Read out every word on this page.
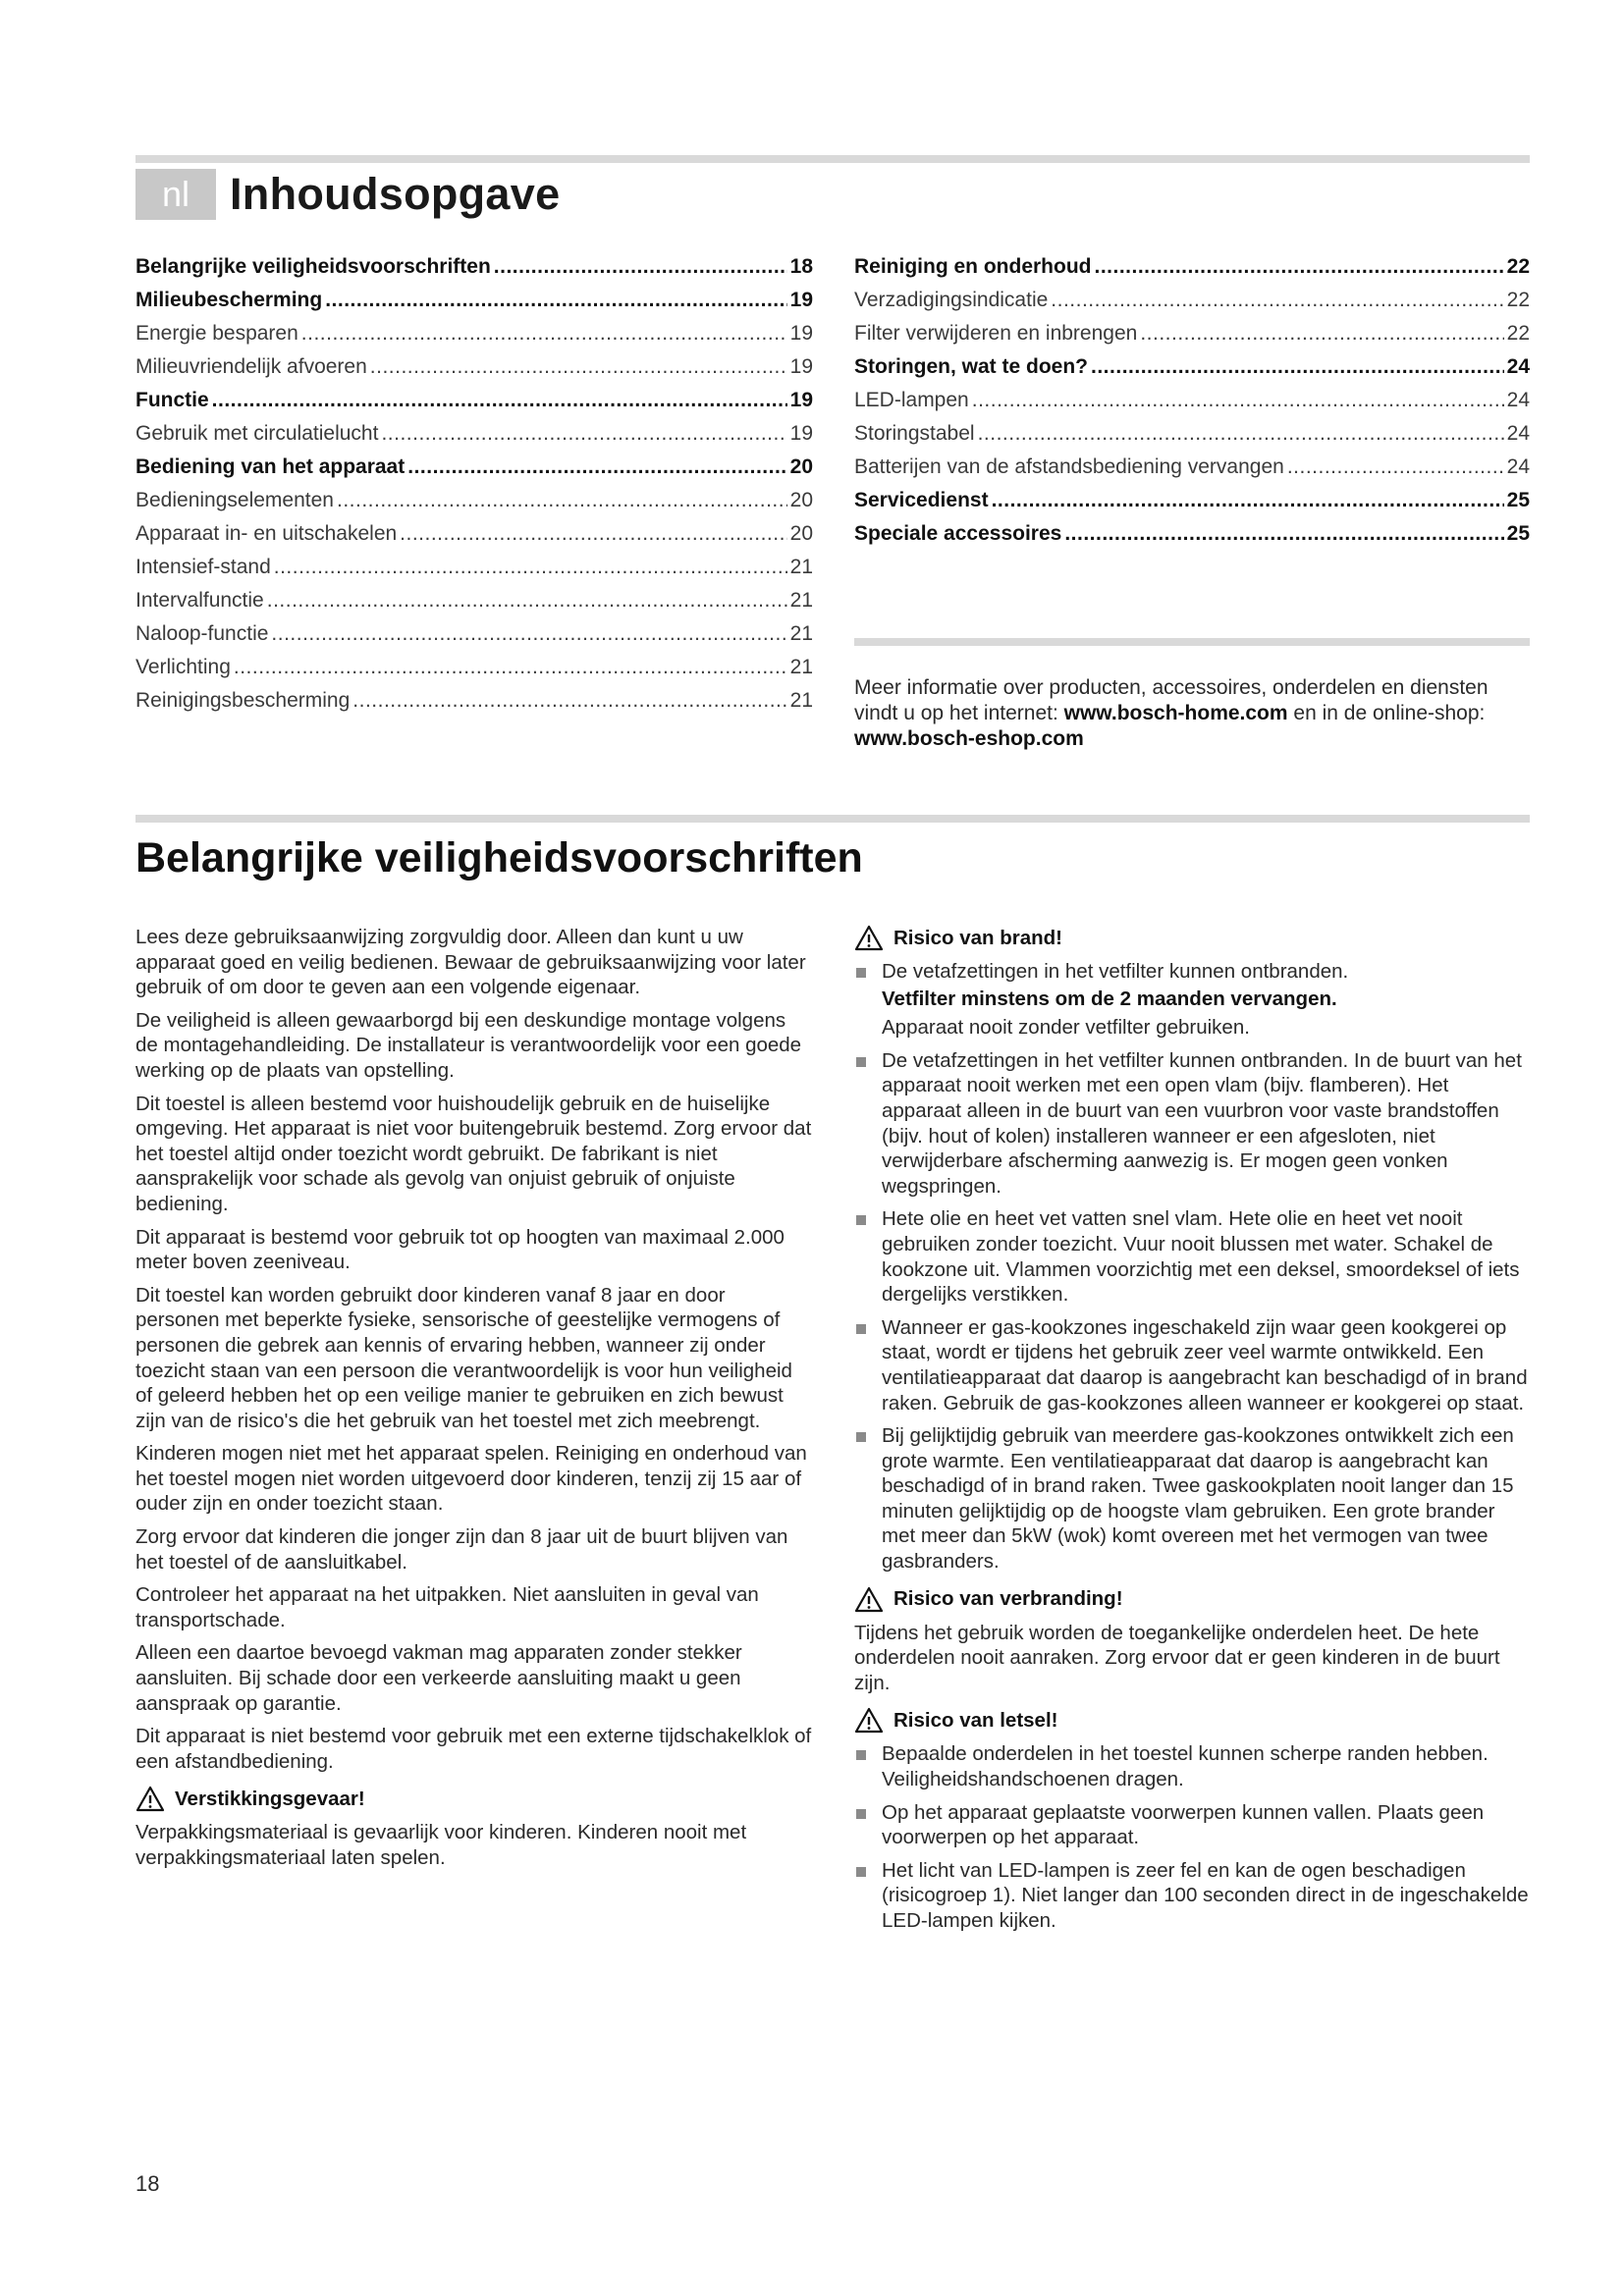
nl Inhoudsopgave
Belangrijke veiligheidsvoorschriften .....	18
Milieubescherming .....	19
Energie besparen .....	19
Milieuvriendelijk afvoeren .....	19
Functie .....	19
Gebruik met circulatielucht .....	19
Bediening van het apparaat .....	20
Bedieningselementen .....	20
Apparaat in- en uitschakelen .....	20
Intensief-stand .....	21
Intervalfunctie .....	21
Naloop-functie .....	21
Verlichting .....	21
Reinigingsbescherming .....	21
Reiniging en onderhoud .....	22
Verzadigingsindicatie .....	22
Filter verwijderen en inbrengen .....	22
Storingen, wat te doen? .....	24
LED-lampen .....	24
Storingstabel .....	24
Batterijen van de afstandsbediening vervangen .....	24
Servicedienst .....	25
Speciale accessoires .....	25
Meer informatie over producten, accessoires, onderdelen en diensten vindt u op het internet: www.bosch-home.com en in de online-shop: www.bosch-eshop.com
Belangrijke veiligheidsvoorschriften

Lees deze gebruiksaanwijzing zorgvuldig door. Alleen dan kunt u uw apparaat goed en veilig bedienen. Bewaar de gebruiksaanwijzing voor later gebruik of om door te geven aan een volgende eigenaar.

De veiligheid is alleen gewaarborgd bij een deskundige montage volgens de montagehandleiding. De installateur is verantwoordelijk voor een goede werking op de plaats van opstelling.

Dit toestel is alleen bestemd voor huishoudelijk gebruik en de huiselijke omgeving. Het apparaat is niet voor buitengebruik bestemd. Zorg ervoor dat het toestel altijd onder toezicht wordt gebruikt. De fabrikant is niet aansprakelijk voor schade als gevolg van onjuist gebruik of onjuiste bediening.

Dit apparaat is bestemd voor gebruik tot op hoogten van maximaal 2.000 meter boven zeeniveau.

Dit toestel kan worden gebruikt door kinderen vanaf 8 jaar en door personen met beperkte fysieke, sensorische of geestelijke vermogens of personen die gebrek aan kennis of ervaring hebben, wanneer zij onder toezicht staan van een persoon die verantwoordelijk is voor hun veiligheid of geleerd hebben het op een veilige manier te gebruiken en zich bewust zijn van de risico's die het gebruik van het toestel met zich meebrengt.

Kinderen mogen niet met het apparaat spelen. Reiniging en onderhoud van het toestel mogen niet worden uitgevoerd door kinderen, tenzij zij 15 aar of ouder zijn en onder toezicht staan.

Zorg ervoor dat kinderen die jonger zijn dan 8 jaar uit de buurt blijven van het toestel of de aansluitkabel.

Controleer het apparaat na het uitpakken. Niet aansluiten in geval van transportschade.

Alleen een daartoe bevoegd vakman mag apparaten zonder stekker aansluiten. Bij schade door een verkeerde aansluiting maakt u geen aanspraak op garantie.

Dit apparaat is niet bestemd voor gebruik met een externe tijdschakelklok of een afstandbediening.

Verstikkingsgevaar!

Verpakkingsmateriaal is gevaarlijk voor kinderen. Kinderen nooit met verpakkingsmateriaal laten spelen.

Risico van brand!
De vetafzettingen in het vetfilter kunnen ontbranden.
Vetfilter minstens om de 2 maanden vervangen.
Apparaat nooit zonder vetfilter gebruiken.
De vetafzettingen in het vetfilter kunnen ontbranden. In de buurt van het apparaat nooit werken met een open vlam (bijv. flamberen). Het apparaat alleen in de buurt van een vuurbron voor vaste brandstoffen (bijv. hout of kolen) installeren wanneer er een afgesloten, niet verwijderbare afscherming aanwezig is. Er mogen geen vonken wegspringen.
Hete olie en heet vet vatten snel vlam. Hete olie en heet vet nooit gebruiken zonder toezicht. Vuur nooit blussen met water. Schakel de kookzone uit. Vlammen voorzichtig met een deksel, smoordeksel of iets dergelijks verstikken.
Wanneer er gas-kookzones ingeschakeld zijn waar geen kookgerei op staat, wordt er tijdens het gebruik zeer veel warmte ontwikkeld. Een ventilatieapparaat dat daarop is aangebracht kan beschadigd of in brand raken. Gebruik de gas-kookzones alleen wanneer er kookgerei op staat.
Bij gelijktijdig gebruik van meerdere gas-kookzones ontwikkelt zich een grote warmte. Een ventilatieapparaat dat daarop is aangebracht kan beschadigd of in brand raken. Twee gaskookplaten nooit langer dan 15 minuten gelijktijdig op de hoogste vlam gebruiken. Een grote brander met meer dan 5kW (wok) komt overeen met het vermogen van twee gasbranders.
Risico van verbranding!

Tijdens het gebruik worden de toegankelijke onderdelen heet. De hete onderdelen nooit aanraken. Zorg ervoor dat er geen kinderen in de buurt zijn.

Risico van letsel!
Bepaalde onderdelen in het toestel kunnen scherpe randen hebben. Veiligheidshandschoenen dragen.
Op het apparaat geplaatste voorwerpen kunnen vallen. Plaats geen voorwerpen op het apparaat.
Het licht van LED-lampen is zeer fel en kan de ogen beschadigen (risicogroep 1). Niet langer dan 100 seconden direct in de ingeschakelde LED-lampen kijken.
18
